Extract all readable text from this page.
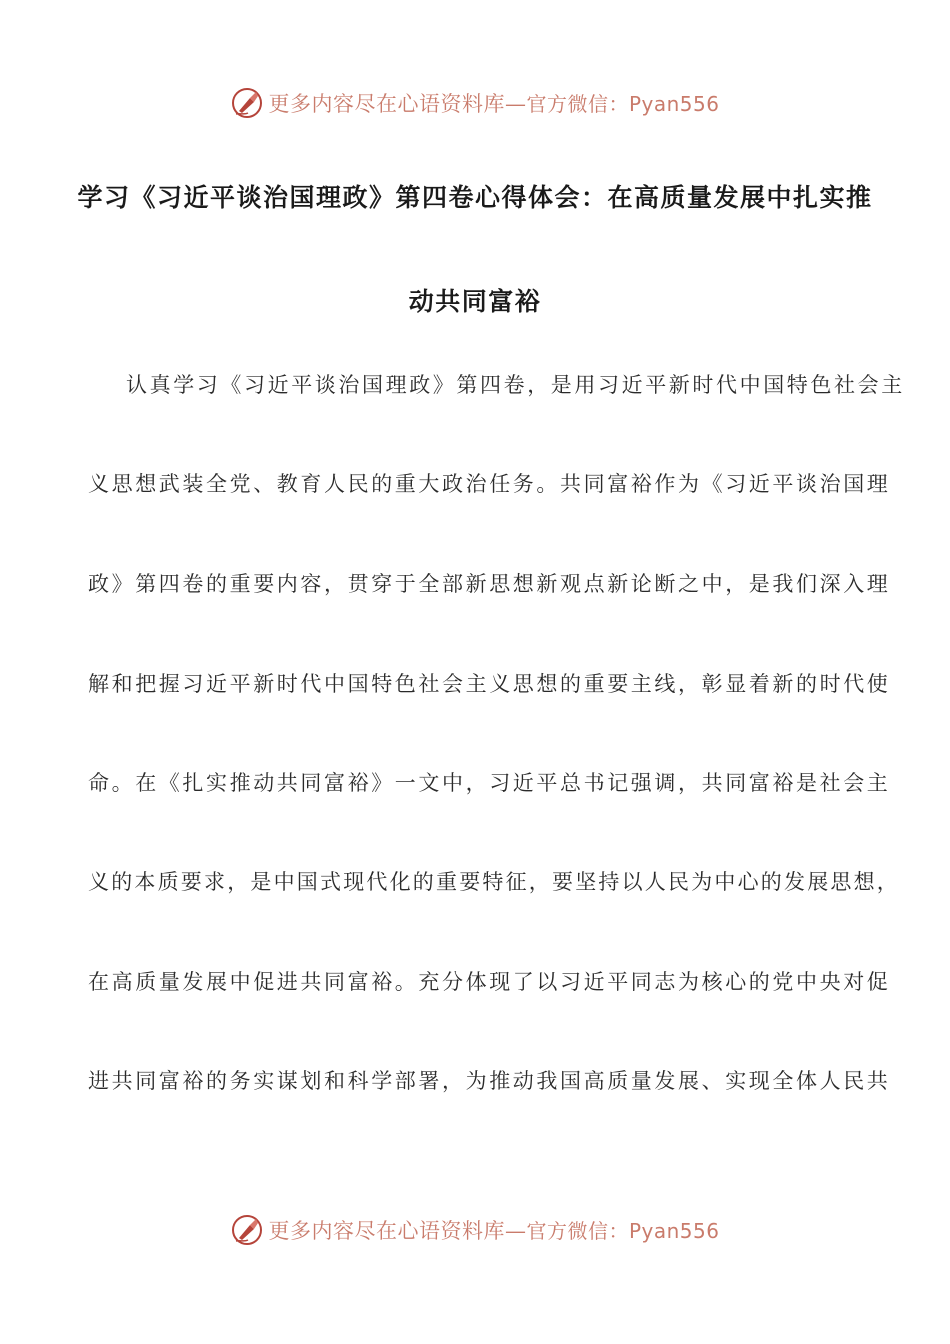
更多内容尽在心语资料库—官方微信：Pyan556
学习《习近平谈治国理政》第四卷心得体会：在高质量发展中扎实推
动共同富裕
认真学习《习近平谈治国理政》第四卷，是用习近平新时代中国特色社会主
义思想武装全党、教育人民的重大政治任务。共同富裕作为《习近平谈治国理
政》第四卷的重要内容，贯穿于全部新思想新观点新论断之中，是我们深入理
解和把握习近平新时代中国特色社会主义思想的重要主线，彰显着新的时代使
命。在《扎实推动共同富裕》一文中，习近平总书记强调，共同富裕是社会主
义的本质要求，是中国式现代化的重要特征，要坚持以人民为中心的发展思想，
在高质量发展中促进共同富裕。充分体现了以习近平同志为核心的党中央对促
进共同富裕的务实谋划和科学部署，为推动我国高质量发展、实现全体人民共
更多内容尽在心语资料库—官方微信：Pyan556
